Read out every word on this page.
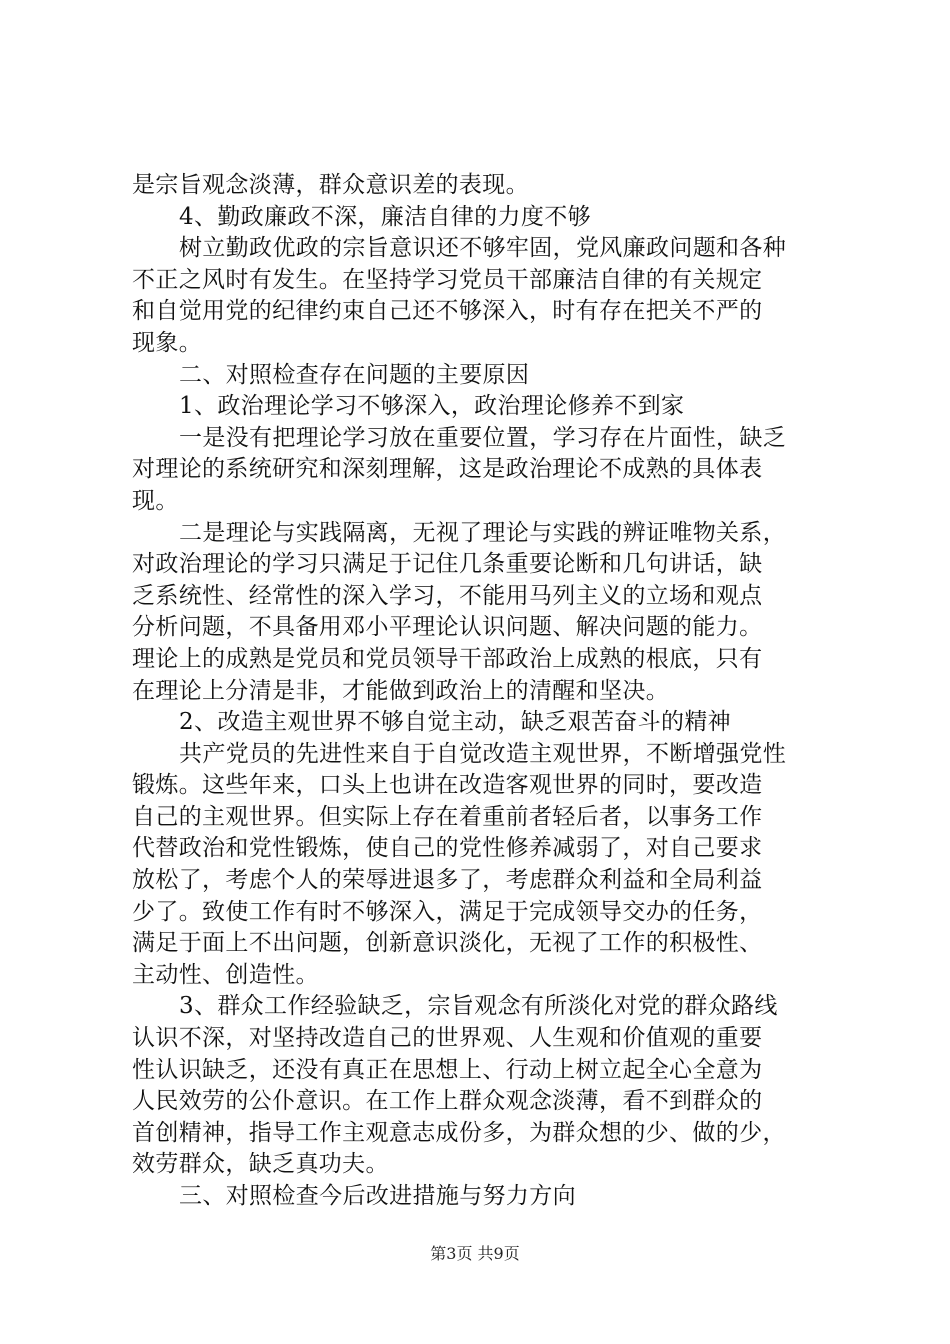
是宗旨观念淡薄，群众意识差的表现。
4、勤政廉政不深，廉洁自律的力度不够
树立勤政优政的宗旨意识还不够牢固，党风廉政问题和各种
不正之风时有发生。在坚持学习党员干部廉洁自律的有关规定
和自觉用党的纪律约束自己还不够深入，时有存在把关不严的
现象。
二、对照检查存在问题的主要原因
1、政治理论学习不够深入，政治理论修养不到家
一是没有把理论学习放在重要位置，学习存在片面性，缺乏
对理论的系统研究和深刻理解，这是政治理论不成熟的具体表
现。
二是理论与实践隔离，无视了理论与实践的辨证唯物关系，
对政治理论的学习只满足于记住几条重要论断和几句讲话，缺
乏系统性、经常性的深入学习，不能用马列主义的立场和观点
分析问题，不具备用邓小平理论认识问题、解决问题的能力。
理论上的成熟是党员和党员领导干部政治上成熟的根底，只有
在理论上分清是非，才能做到政治上的清醒和坚决。
2、改造主观世界不够自觉主动，缺乏艰苦奋斗的精神
共产党员的先进性来自于自觉改造主观世界，不断增强党性
锻炼。这些年来，口头上也讲在改造客观世界的同时，要改造
自己的主观世界。但实际上存在着重前者轻后者，以事务工作
代替政治和党性锻炼，使自己的党性修养减弱了，对自己要求
放松了，考虑个人的荣辱进退多了，考虑群众利益和全局利益
少了。致使工作有时不够深入，满足于完成领导交办的任务，
满足于面上不出问题，创新意识淡化，无视了工作的积极性、
主动性、创造性。
3、群众工作经验缺乏，宗旨观念有所淡化对党的群众路线
认识不深，对坚持改造自己的世界观、人生观和价值观的重要
性认识缺乏，还没有真正在思想上、行动上树立起全心全意为
人民效劳的公仆意识。在工作上群众观念淡薄，看不到群众的
首创精神，指导工作主观意志成份多，为群众想的少、做的少，
效劳群众，缺乏真功夫。
三、对照检查今后改进措施与努力方向
第3页 共9页
